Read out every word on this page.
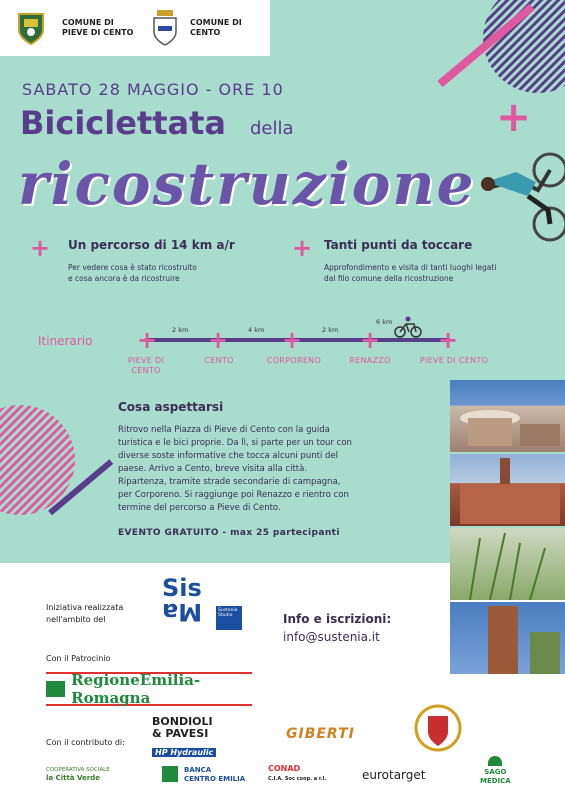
COMUNE DI
PIEVE DI CENTO
COMUNE DI
CENTO
+
SABATO 28 MAGGIO - ORE 10
Biciclettata della
ricostruzione
+ Un percorso di 14 km a/r
Per vedere cosa è stato ricostruito
e cosa ancora è da ricostruire
+ Tanti punti da toccare
Approfondimento e visita di tanti luoghi legati
dal filo comune della ricostruzione
Itinerario + + + + +
2 km	4 km	2 km
6 km
PIEVE DI CENTO
CENTO	CORPORENO	RENAZZO	PIEVE DI CENTO
Cosa aspettarsi
Ritrovo nella Piazza di Pieve di Cento con la guida
turistica e le bici proprie. Da lì, si parte per un tour con
diverse soste informative che tocca alcuni punti del
paese. Arrivo a Cento, breve visita alla città.
Ripartenza, tramite strade secondarie di campagna,
per Corporeno. Si raggiunge poi Renazzo e rientro con
termine del percorso a Pieve di Cento.
EVENTO GRATUITO - max 25 partecipanti
Iniziativa realizzata
nell'ambito del
Sis
Ma	Sustenia
Studio	Info e iscrizioni:
info@sustenia.it
Con il Patrocinio
RegioneEmilia-Romagna
Con il contributo di:
BONDIOLI
& PAVESI
HP Hydraulic
GIBERTI
COOPERATIVA SOCIALE
la Città Verde
BANCA
CENTRO EMILIA
CONAD
C.I.A. Soc coop. a r.l.	eurotarget	SAGO
MEDICA
